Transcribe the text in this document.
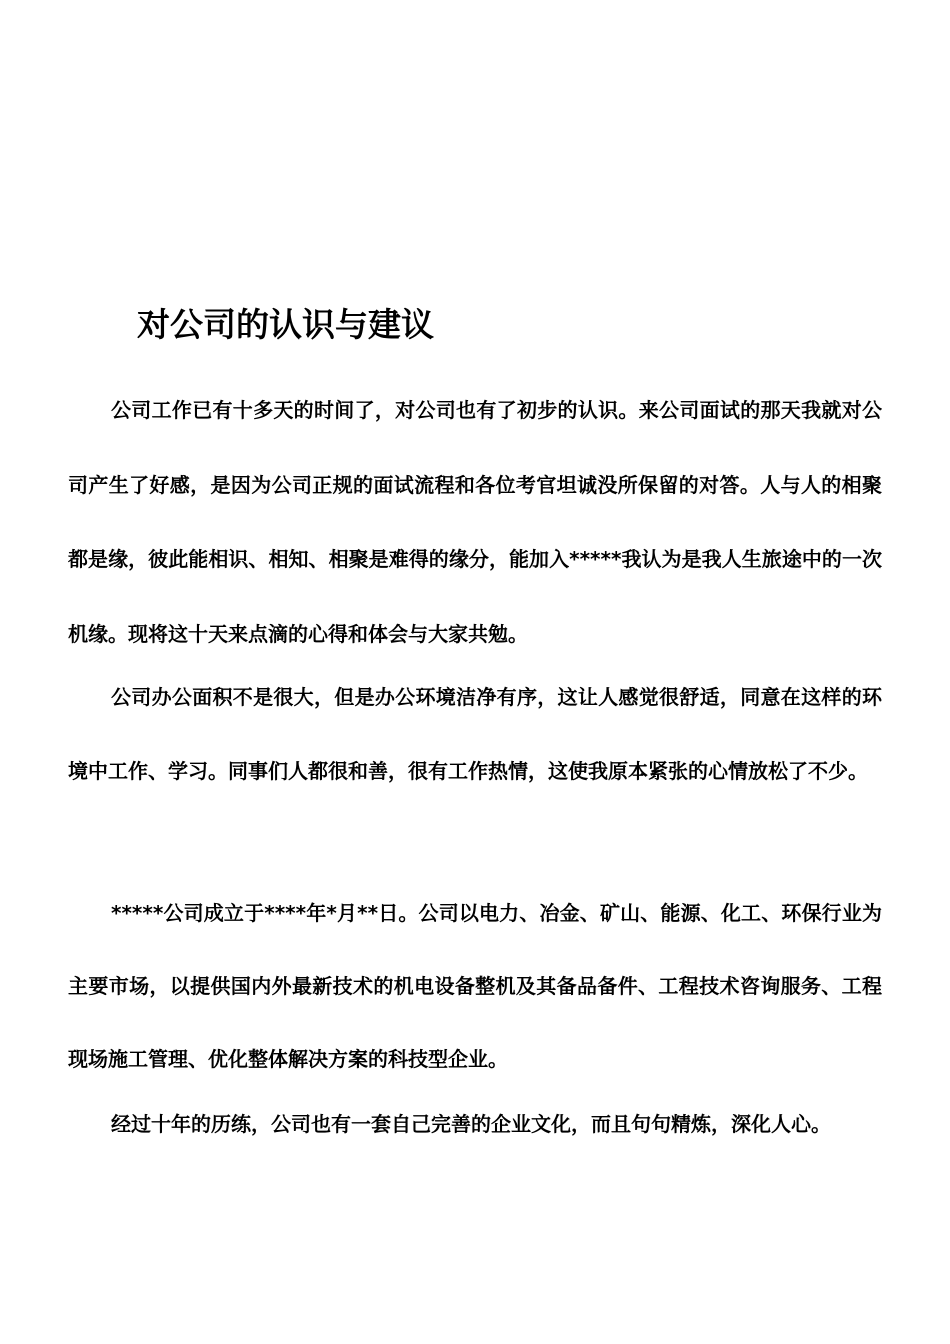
对公司的认识与建议

公司工作已有十多天的时间了，对公司也有了初步的认识。来公司面试的那天我就对公司产生了好感，是因为公司正规的面试流程和各位考官坦诚没所保留的对答。人与人的相聚都是缘，彼此能相识、相知、相聚是难得的缘分，能加入*****我认为是我人生旅途中的一次机缘。现将这十天来点滴的心得和体会与大家共勉。

公司办公面积不是很大，但是办公环境洁净有序，这让人感觉很舒适，同意在这样的环境中工作、学习。同事们人都很和善，很有工作热情，这使我原本紧张的心情放松了不少。

*****公司成立于****年*月**日。公司以电力、冶金、矿山、能源、化工、环保行业为主要市场，以提供国内外最新技术的机电设备整机及其备品备件、工程技术咨询服务、工程现场施工管理、优化整体解决方案的科技型企业。

经过十年的历练，公司也有一套自己完善的企业文化，而且句句精炼，深化人心。
